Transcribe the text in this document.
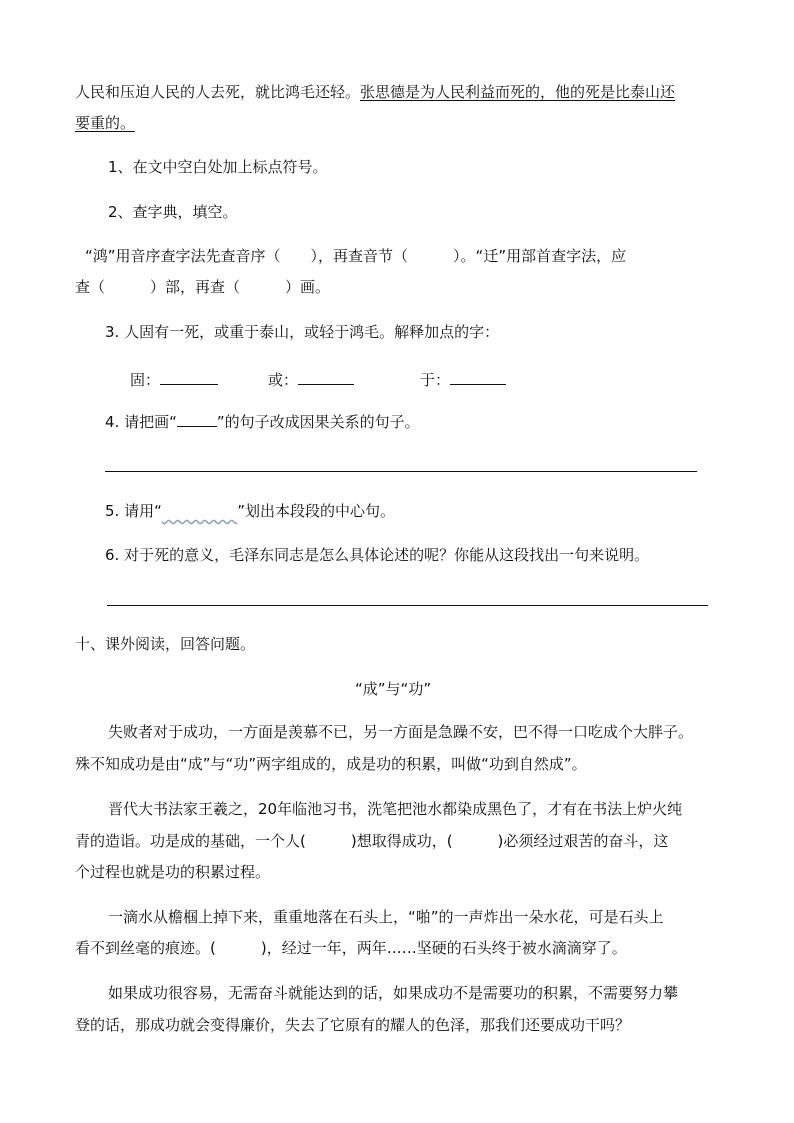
人民和压迫人民的人去死，就比鸿毛还轻。张思德是为人民利益而死的，他的死是比泰山还
要重的。
1、在文中空白处加上标点符号。
2、查字典，填空。
“鸿”用音序查字法先查音序（　　），再查音节（　　　）。“迁”用部首查字法，应
查（　　　）部，再查（　　　）画。
3. 人固有一死，或重于泰山，或轻于鸿毛。解释加点的字：
固：	或：	于：
4. 请把画“	”的句子改成因果关系的句子。
5. 请用“	”划出本段段的中心句。
6. 对于死的意义，毛泽东同志是怎么具体论述的呢？你能从这段找出一句来说明。
十、课外阅读，回答问题。
“成”与“功”
失败者对于成功，一方面是羡慕不已，另一方面是急躁不安，巴不得一口吃成个大胖子。
殊不知成功是由“成”与“功”两字组成的，成是功的积累，叫做“功到自然成”。
晋代大书法家王羲之，20年临池习书，洗笔把池水都染成黑色了，才有在书法上炉火纯
青的造诣。功是成的基础，一个人(　　　)想取得成功，(　　　)必须经过艰苦的奋斗，这
个过程也就是功的积累过程。
一滴水从檐椢上掉下来，重重地落在石头上，“啪”的一声炸出一朵水花，可是石头上
看不到丝毫的痕迹。(　　　)，经过一年，两年……坚硬的石头终于被水滴滴穿了。
如果成功很容易，无需奋斗就能达到的话，如果成功不是需要功的积累，不需要努力攀
登的话，那成功就会变得廉价，失去了它原有的耀人的色泽，那我们还要成功干吗？
